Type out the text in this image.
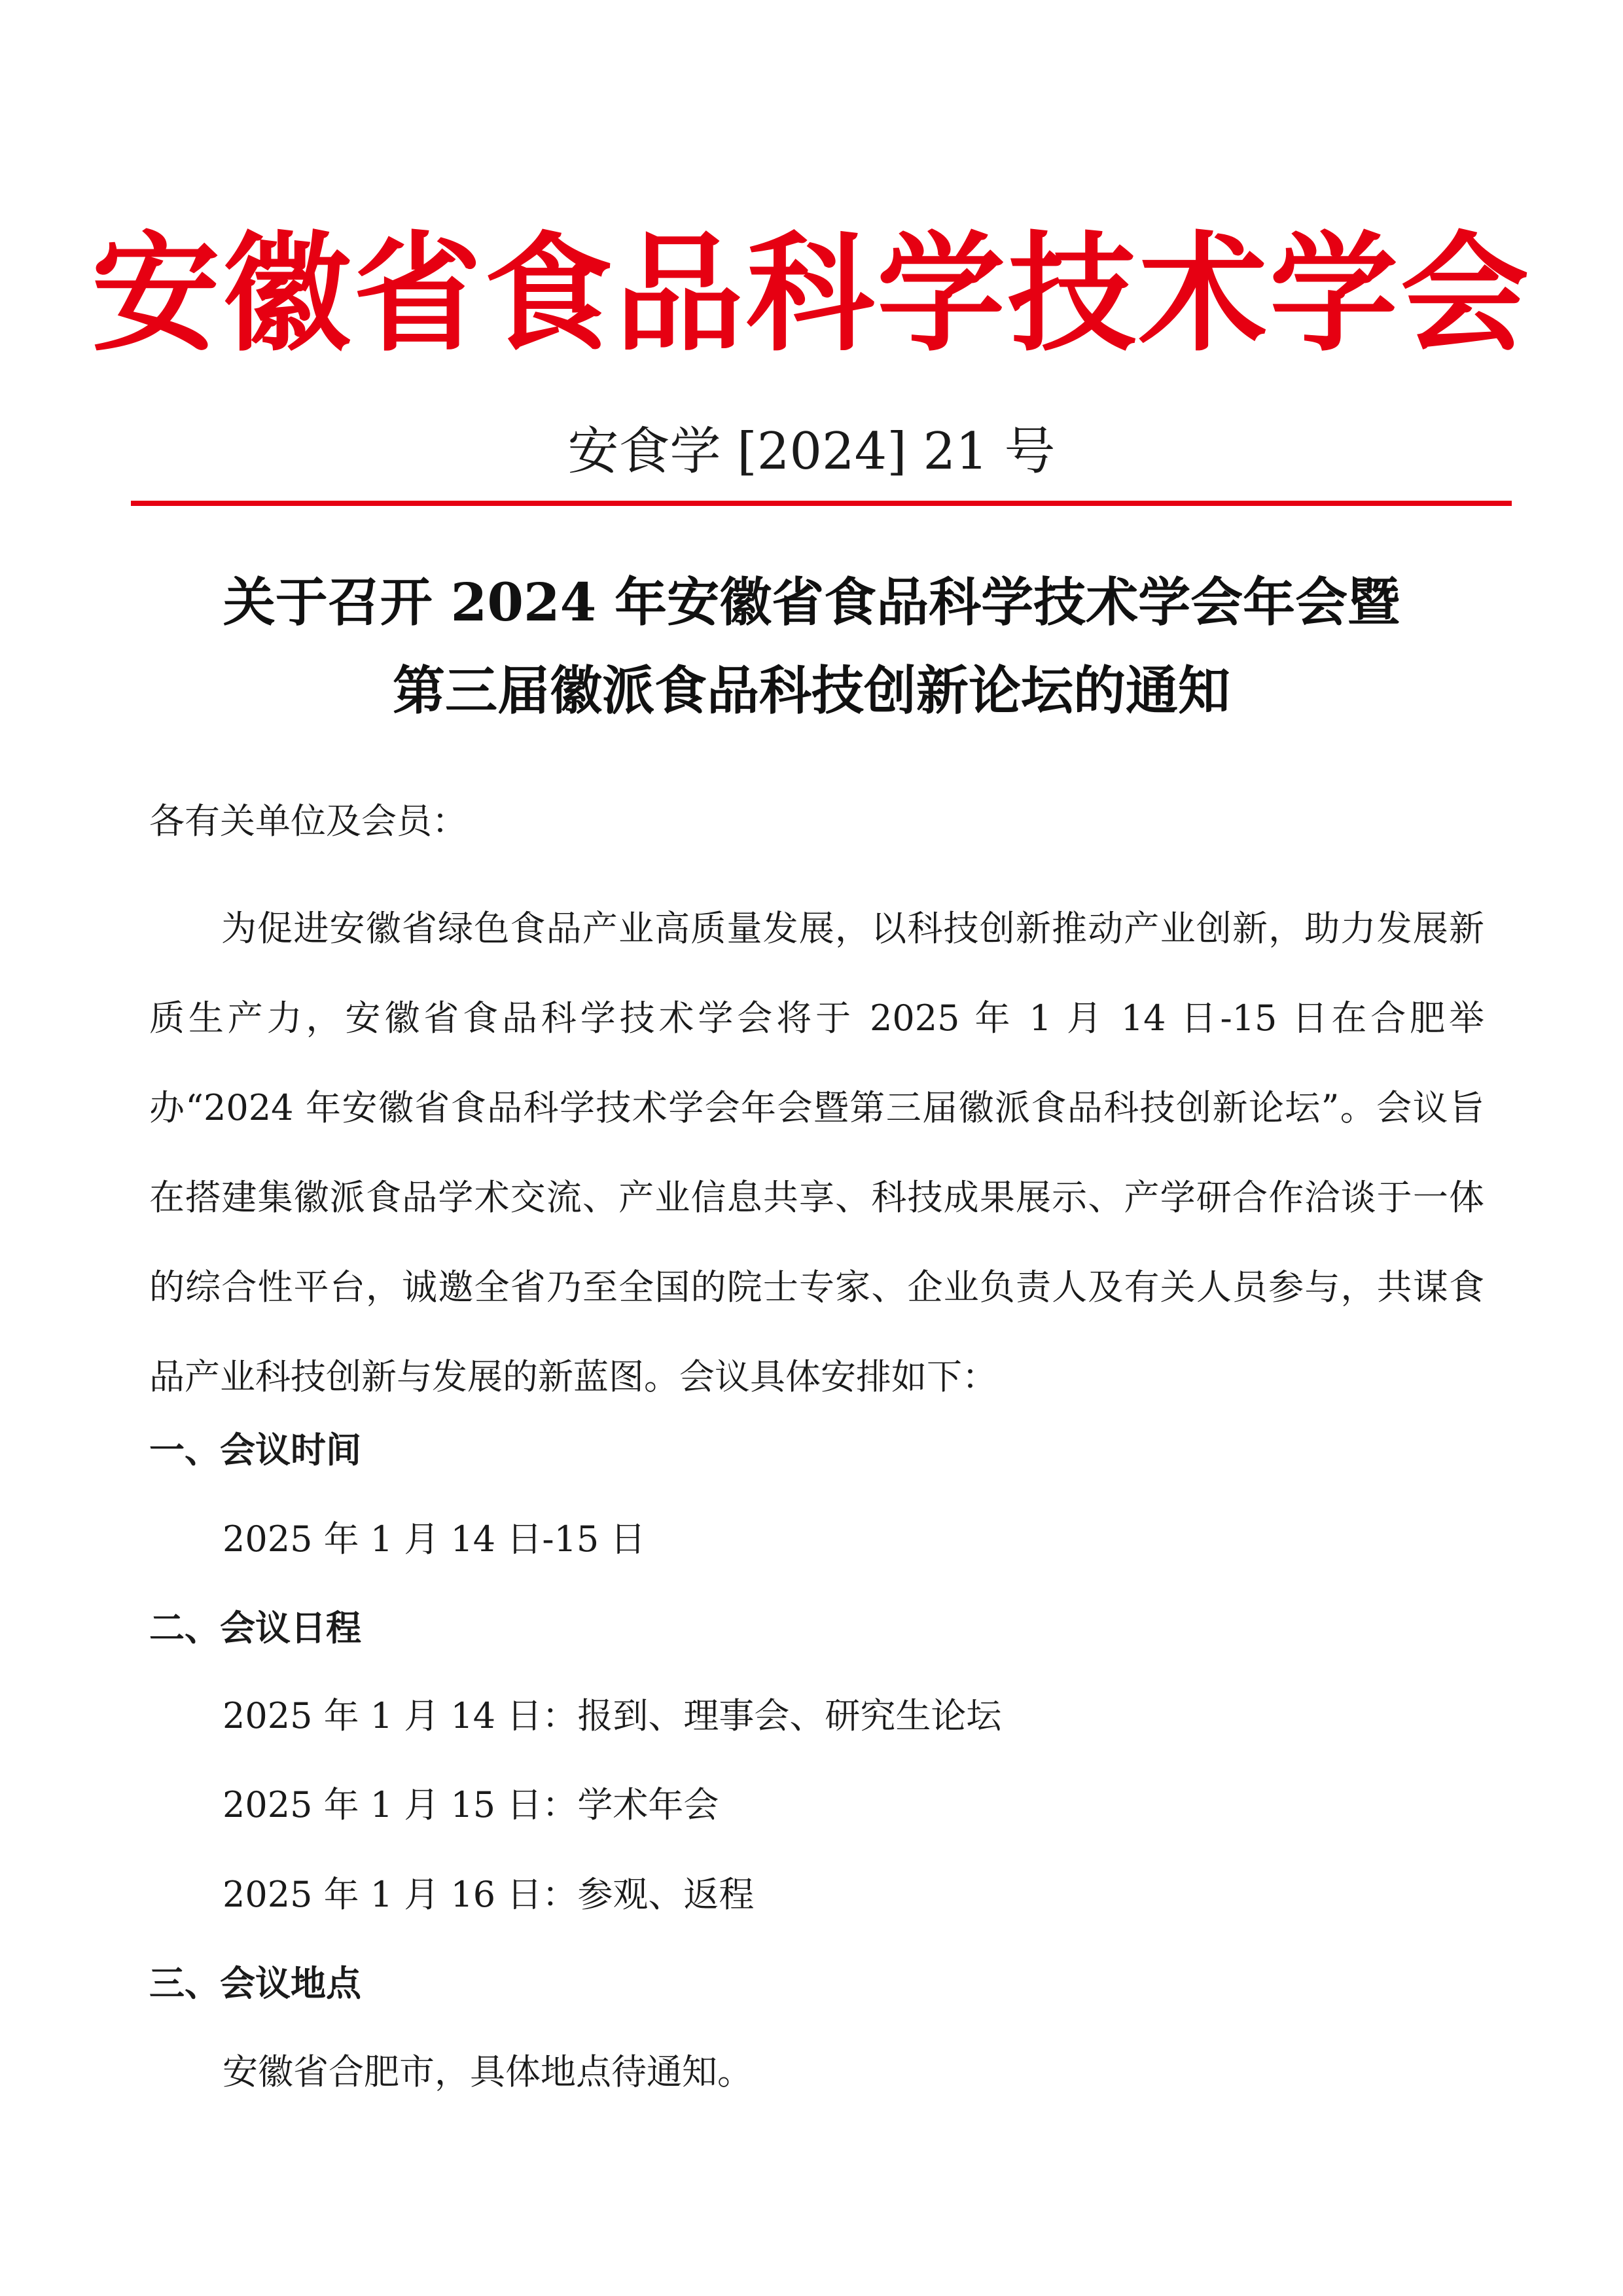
安徽省食品科学技术学会
安食学 [2024] 21 号
关于召开 2024 年安徽省食品科学技术学会年会暨
第三届徽派食品科技创新论坛的通知
各有关单位及会员：

为促进安徽省绿色食品产业高质量发展，以科技创新推动产业创新，助力发展新质生产力，安徽省食品科学技术学会将于 2025 年 1 月 14 日-15 日在合肥举办“2024 年安徽省食品科学技术学会年会暨第三届徽派食品科技创新论坛”。会议旨在搭建集徽派食品学术交流、产业信息共享、科技成果展示、产学研合作洽谈于一体的综合性平台，诚邀全省乃至全国的院士专家、企业负责人及有关人员参与，共谋食品产业科技创新与发展的新蓝图。会议具体安排如下：

一、会议时间
2025 年 1 月 14 日-15 日
二、会议日程
2025 年 1 月 14 日：报到、理事会、研究生论坛
2025 年 1 月 15 日：学术年会
2025 年 1 月 16 日：参观、返程
三、会议地点
安徽省合肥市，具体地点待通知。
